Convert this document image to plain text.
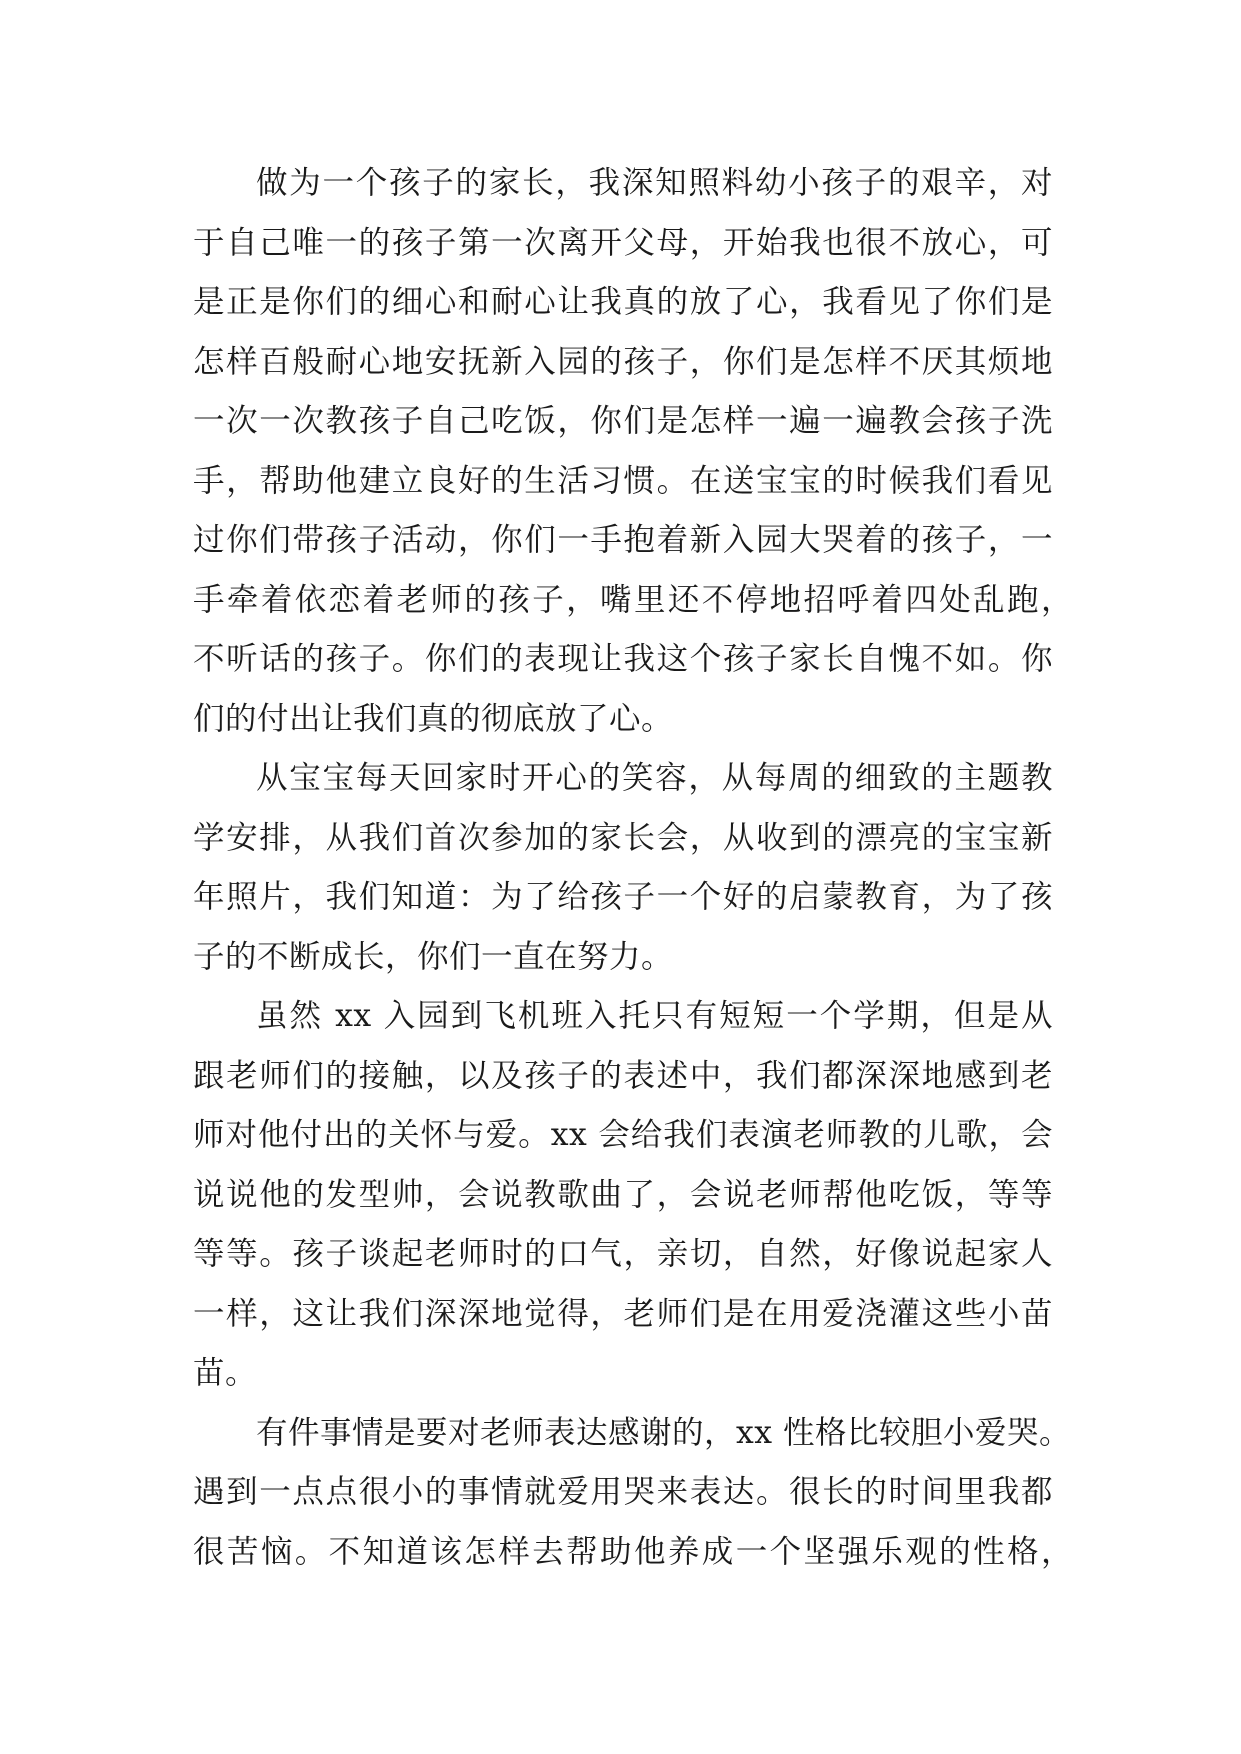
做为一个孩子的家长，我深知照料幼小孩子的艰辛，对
于自己唯一的孩子第一次离开父母，开始我也很不放心，可
是正是你们的细心和耐心让我真的放了心，我看见了你们是
怎样百般耐心地安抚新入园的孩子，你们是怎样不厌其烦地
一次一次教孩子自己吃饭，你们是怎样一遍一遍教会孩子洗
手，帮助他建立良好的生活习惯。在送宝宝的时候我们看见
过你们带孩子活动，你们一手抱着新入园大哭着的孩子，一
手牵着依恋着老师的孩子，嘴里还不停地招呼着四处乱跑，
不听话的孩子。你们的表现让我这个孩子家长自愧不如。你
们的付出让我们真的彻底放了心。
从宝宝每天回家时开心的笑容，从每周的细致的主题教
学安排，从我们首次参加的家长会，从收到的漂亮的宝宝新
年照片，我们知道：为了给孩子一个好的启蒙教育，为了孩
子的不断成长，你们一直在努力。
虽然 xx 入园到飞机班入托只有短短一个学期，但是从
跟老师们的接触，以及孩子的表述中，我们都深深地感到老
师对他付出的关怀与爱。xx 会给我们表演老师教的儿歌，会
说说他的发型帅，会说教歌曲了，会说老师帮他吃饭，等等
等等。孩子谈起老师时的口气，亲切，自然，好像说起家人
一样，这让我们深深地觉得，老师们是在用爱浇灌这些小苗
苗。
有件事情是要对老师表达感谢的，xx 性格比较胆小爱哭。
遇到一点点很小的事情就爱用哭来表达。很长的时间里我都
很苦恼。不知道该怎样去帮助他养成一个坚强乐观的性格，
